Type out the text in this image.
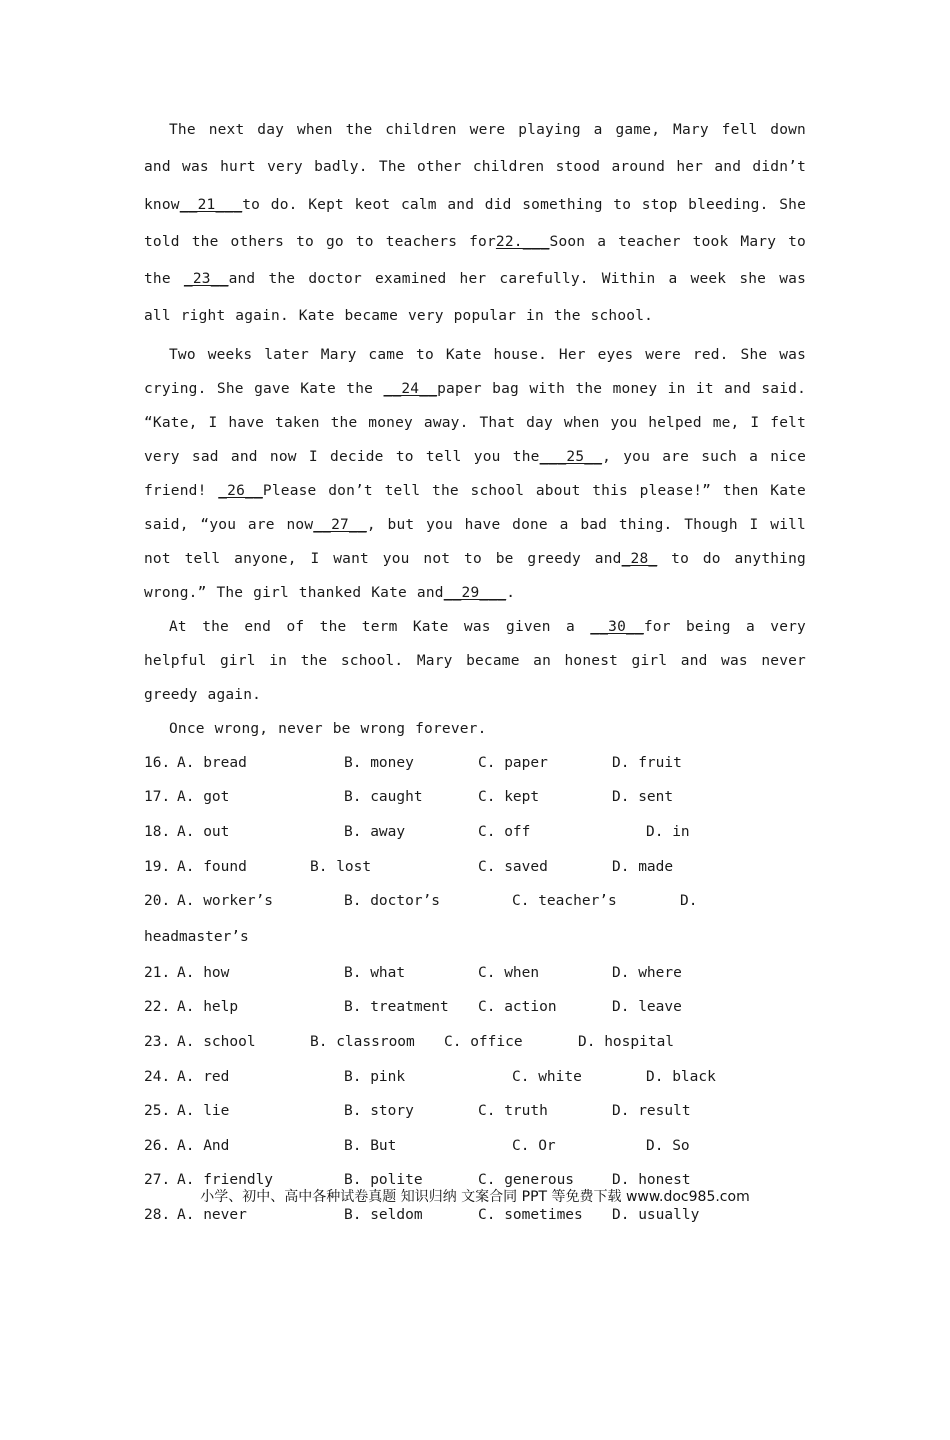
The next day when the children were playing a game, Mary fell down and was hurt very badly. The other children stood around her and didn’t know__21___to do. Kept keot calm and did something to stop bleeding. She told the others to go to teachers for22.___Soon a teacher took Mary to the _23__and the doctor examined her carefully. Within a week she was all right again. Kate became very popular in the school.

Two weeks later Mary came to Kate house. Her eyes were red. She was crying. She gave Kate the __24__paper bag with the money in it and said. “Kate, I have taken the money away. That day when you helped me, I felt very sad and now I decide to tell you the___25__, you are such a nice friend! _26__Please don’t tell the school about this please!” then Kate said, “you are now__27__, but you have done a bad thing. Though I will not tell anyone, I want you not to be greedy and_28_ to do anything wrong.” The girl thanked Kate and__29___.

At the end of the term Kate was given a __30__for being a very helpful girl in the school. Mary became an honest girl and was never greedy again.

Once wrong, never be wrong forever.

16.

A. bread

	B. money

	C. paper

	D. fruit

17.

A. got

	B. caught

	C. kept

	D. sent

18.

A. out

	B. away

	C. off

	D. in

19.

A. found

	B. lost

	C. saved

	D. made

20.

A. worker’s

	B. doctor’s

	C. teacher’s

	D.

headmaster’s

21.

A. how

	B. what

	C. when

	D. where

22.

A. help

	B. treatment

C. action

	D. leave

23.

A. school

	B. classroom

C. office

	D. hospital

24.

A. red

	B. pink

	C. white

	D. black

25.

A. lie

	B. story

	C. truth

	D. result

26.

A. And

	B. But

	C. Or

	D. So

27.

A. friendly

	B. polite

	C. generous

	D. honest

28.

A. never

	B. seldom

	C. sometimes

D. usually

小学、初中、高中各种试卷真题 知识归纳 文案合同 PPT 等免费下载 www.doc985.com
